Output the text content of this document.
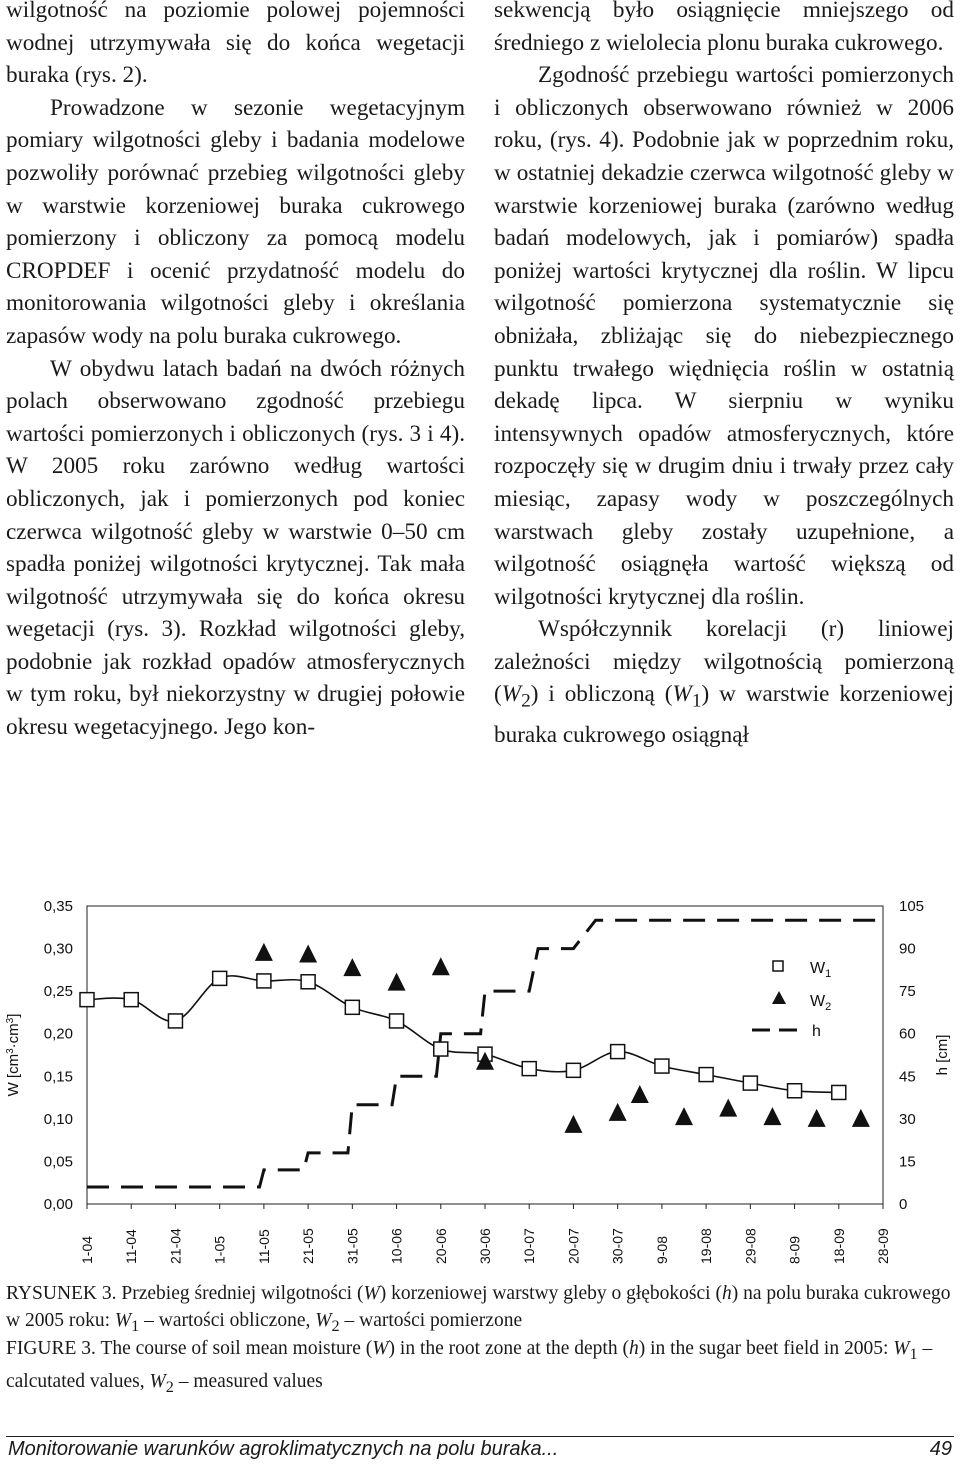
wilgotność na poziomie polowej pojemności wodnej utrzymywała się do końca wegetacji buraka (rys. 2).

Prowadzone w sezonie wegetacyjnym pomiary wilgotności gleby i badania modelowe pozwoliły porównać przebieg wilgotności gleby w warstwie korzeniowej buraka cukrowego pomierzony i obliczony za pomocą modelu CROPDEF i ocenić przydatność modelu do monitorowania wilgotności gleby i określania zapasów wody na polu buraka cukrowego.

W obydwu latach badań na dwóch różnych polach obserwowano zgodność przebiegu wartości pomierzonych i obliczonych (rys. 3 i 4). W 2005 roku zarówno według wartości obliczonych, jak i pomierzonych pod koniec czerwca wilgotność gleby w warstwie 0–50 cm spadła poniżej wilgotności krytycznej. Tak mała wilgotność utrzymywała się do końca okresu wegetacji (rys. 3). Rozkład wilgotności gleby, podobnie jak rozkład opadów atmosferycznych w tym roku, był niekorzystny w drugiej połowie okresu wegetacyjnego. Jego kon-

sekwencją było osiągnięcie mniejszego od średniego z wielolecia plonu buraka cukrowego.

Zgodność przebiegu wartości pomierzonych i obliczonych obserwowano również w 2006 roku, (rys. 4). Podobnie jak w poprzednim roku, w ostatniej dekadzie czerwca wilgotność gleby w warstwie korzeniowej buraka (zarówno według badań modelowych, jak i pomiarów) spadła poniżej wartości krytycznej dla roślin. W lipcu wilgotność pomierzona systematycznie się obniżała, zbliżając się do niebezpiecznego punktu trwałego więdnięcia roślin w ostatnią dekadę lipca. W sierpniu w wyniku intensywnych opadów atmosferycznych, które rozpoczęły się w drugim dniu i trwały przez cały miesiąc, zapasy wody w poszczególnych warstwach gleby zostały uzupełnione, a wilgotność osiągnęła wartość większą od wilgotności krytycznej dla roślin.

Współczynnik korelacji (r) liniowej zależności między wilgotnością pomierzoną $(W_2)$ i obliczoną $(W_1)$ w warstwie korzeniowej buraka cukrowego osiągnął

0,35
0,30
0,25
0,20
0,15
0,10
0,05
0,00
105
90
75
60
45
30
15
0
1-04 11-04 21-04 1-05 11-05 21-05 31-05 10-06 20-06 30-06 10-07 20-07 30-07 9-08 19-08 29-08 8-09 18-09 28-09
W $[cm^3\cdot cm^3]$
h [cm]
$W_1$
$W_2$
h
RYSUNEK 3. Przebieg średniej wilgotności (W) korzeniowej warstwy gleby o głębokości (h) na polu buraka cukrowego w 2005 roku: $W_1$ – wartości obliczone, $W_2$ – wartości pomierzone
FIGURE 3. The course of soil mean moisture (W) in the root zone at the depth (h) in the sugar beet field in 2005: $W_1$ – calcutated values, $W_2$ – measured values
Monitorowanie warunków agroklimatycznych na polu buraka...	49
